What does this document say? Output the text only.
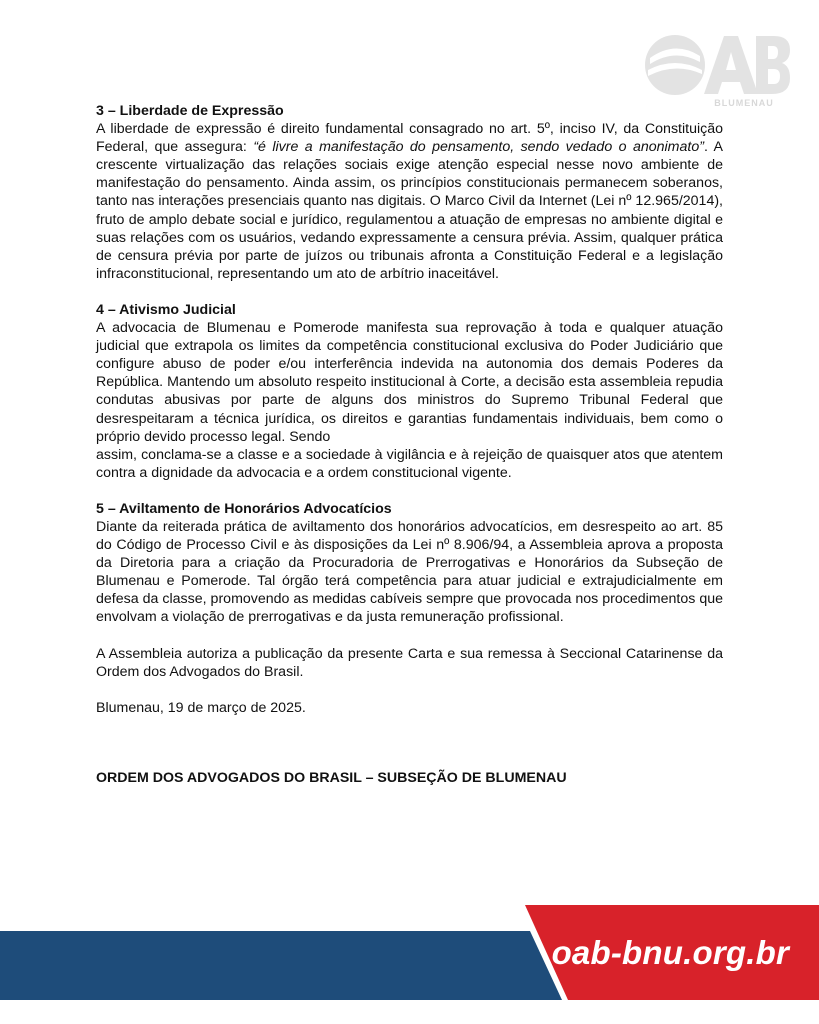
BLUMENAU
3 – Liberdade de Expressão

A liberdade de expressão é direito fundamental consagrado no art. 5º, inciso IV, da Constituição Federal, que assegura: “é livre a manifestação do pensamento, sendo vedado o anonimato”. A crescente virtualização das relações sociais exige atenção especial nesse novo ambiente de manifestação do pensamento. Ainda assim, os princípios constitucionais permanecem soberanos, tanto nas interações presenciais quanto nas digitais. O Marco Civil da Internet (Lei nº 12.965/2014), fruto de amplo debate social e jurídico, regulamentou a atuação de empresas no ambiente digital e suas relações com os usuários, vedando expressamente a censura prévia. Assim, qualquer prática de censura prévia por parte de juízos ou tribunais afronta a Constituição Federal e a legislação infraconstitucional, representando um ato de arbítrio inaceitável.

4 – Ativismo Judicial

A advocacia de Blumenau e Pomerode manifesta sua reprovação à toda e qualquer atuação judicial que extrapola os limites da competência constitucional exclusiva do Poder Judiciário que configure abuso de poder e/ou interferência indevida na autonomia dos demais Poderes da República. Mantendo um absoluto respeito institucional à Corte, a decisão esta assembleia repudia condutas abusivas por parte de alguns dos ministros do Supremo Tribunal Federal que desrespeitaram a técnica jurídica, os direitos e garantias fundamentais individuais, bem como o próprio devido processo legal. Sendo

assim, conclama-se a classe e a sociedade à vigilância e à rejeição de quaisquer atos que atentem contra a dignidade da advocacia e a ordem constitucional vigente.

5 – Aviltamento de Honorários Advocatícios

Diante da reiterada prática de aviltamento dos honorários advocatícios, em desrespeito ao art. 85 do Código de Processo Civil e às disposições da Lei nº 8.906/94, a Assembleia aprova a proposta da Diretoria para a criação da Procuradoria de Prerrogativas e Honorários da Subseção de Blumenau e Pomerode. Tal órgão terá competência para atuar judicial e extrajudicialmente em defesa da classe, promovendo as medidas cabíveis sempre que provocada nos procedimentos que envolvam a violação de prerrogativas e da justa remuneração profissional.

A Assembleia autoriza a publicação da presente Carta e sua remessa à Seccional Catarinense da Ordem dos Advogados do Brasil.

Blumenau, 19 de março de 2025.

ORDEM DOS ADVOGADOS DO BRASIL – SUBSEÇÃO DE BLUMENAU
oab-bnu.org.br
